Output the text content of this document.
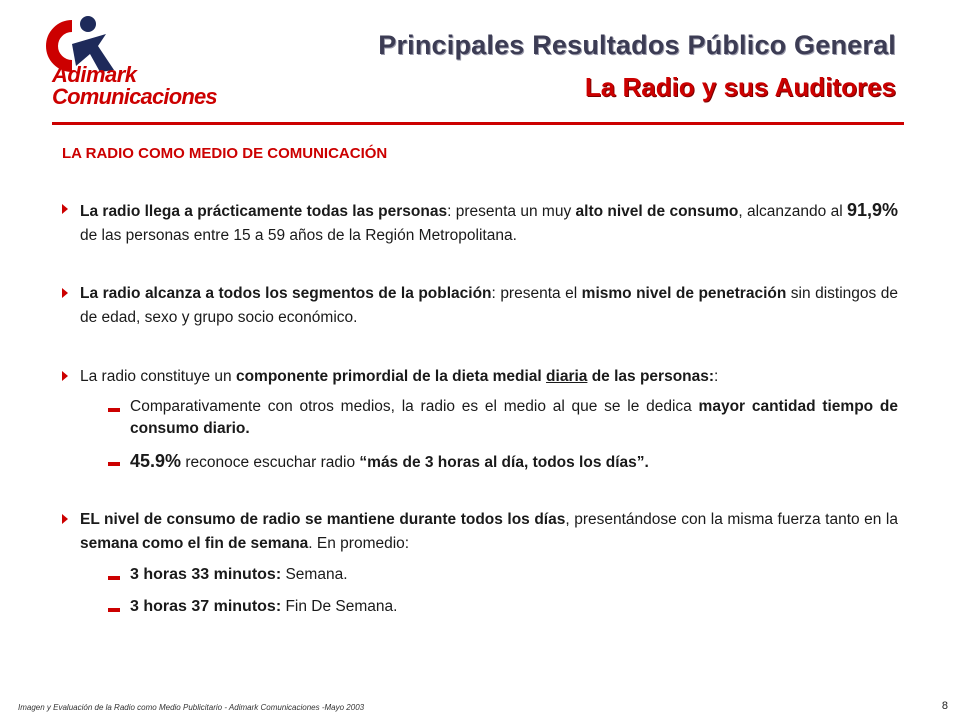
Adimark
Comunicaciones
Principales Resultados Público General
La Radio y sus Auditores
LA RADIO COMO MEDIO DE COMUNICACIÓN
La radio llega a prácticamente todas las personas: presenta un muy alto nivel de consumo, alcanzando al 91,9% de las personas entre 15 a 59 años de la Región Metropolitana.
La radio alcanza a todos los segmentos de la población: presenta el mismo nivel de penetración sin distingos de de edad, sexo y grupo socio económico.
La radio constituye un componente primordial de la dieta medial diaria de las personas::
Comparativamente con otros medios, la radio es el medio al que se le dedica mayor cantidad tiempo de consumo diario.
45.9% reconoce escuchar radio “más de 3 horas al día, todos los días”.
EL nivel de consumo de radio se mantiene durante todos los días, presentándose con la misma fuerza tanto en la semana como el fin de semana. En promedio:
3 horas 33 minutos: Semana.
3 horas 37 minutos: Fin De Semana.
Imagen y Evaluación de la Radio como Medio Publicitario - Adimark Comunicaciones -Mayo 2003	8
